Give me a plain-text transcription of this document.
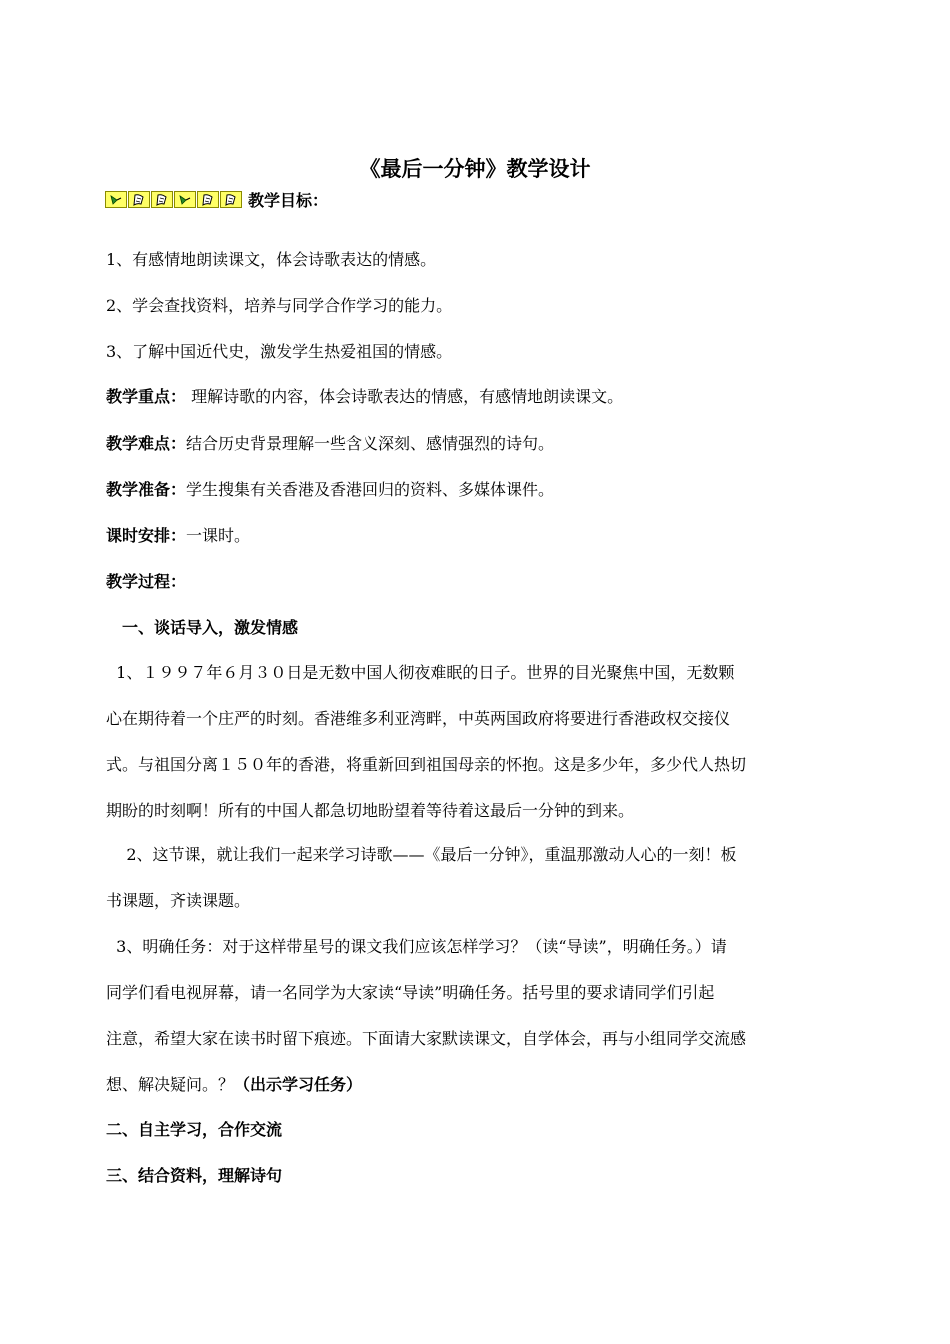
《最后一分钟》教学设计
教学目标：
1、有感情地朗读课文，体会诗歌表达的情感。
2、学会查找资料，培养与同学合作学习的能力。
3、了解中国近代史，激发学生热爱祖国的情感。
教学重点： 理解诗歌的内容，体会诗歌表达的情感，有感情地朗读课文。
教学难点：结合历史背景理解一些含义深刻、感情强烈的诗句。
教学准备：学生搜集有关香港及香港回归的资料、多媒体课件。
课时安排：一课时。
教学过程：
一、谈话导入，激发情感
1、１９９７年６月３０日是无数中国人彻夜难眠的日子。世界的目光聚焦中国，无数颗
心在期待着一个庄严的时刻。香港维多利亚湾畔，中英两国政府将要进行香港政权交接仪
式。与祖国分离１５０年的香港，将重新回到祖国母亲的怀抱。这是多少年，多少代人热切
期盼的时刻啊！所有的中国人都急切地盼望着等待着这最后一分钟的到来。
2、这节课，就让我们一起来学习诗歌——《最后一分钟》，重温那激动人心的一刻！板
书课题，齐读课题。
3、明确任务：对于这样带星号的课文我们应该怎样学习？（读“导读”，明确任务。）请
同学们看电视屏幕，请一名同学为大家读“导读”明确任务。括号里的要求请同学们引起
注意，希望大家在读书时留下痕迹。下面请大家默读课文，自学体会，再与小组同学交流感
想、解决疑问。？（出示学习任务）
二、自主学习，合作交流
三、结合资料，理解诗句
